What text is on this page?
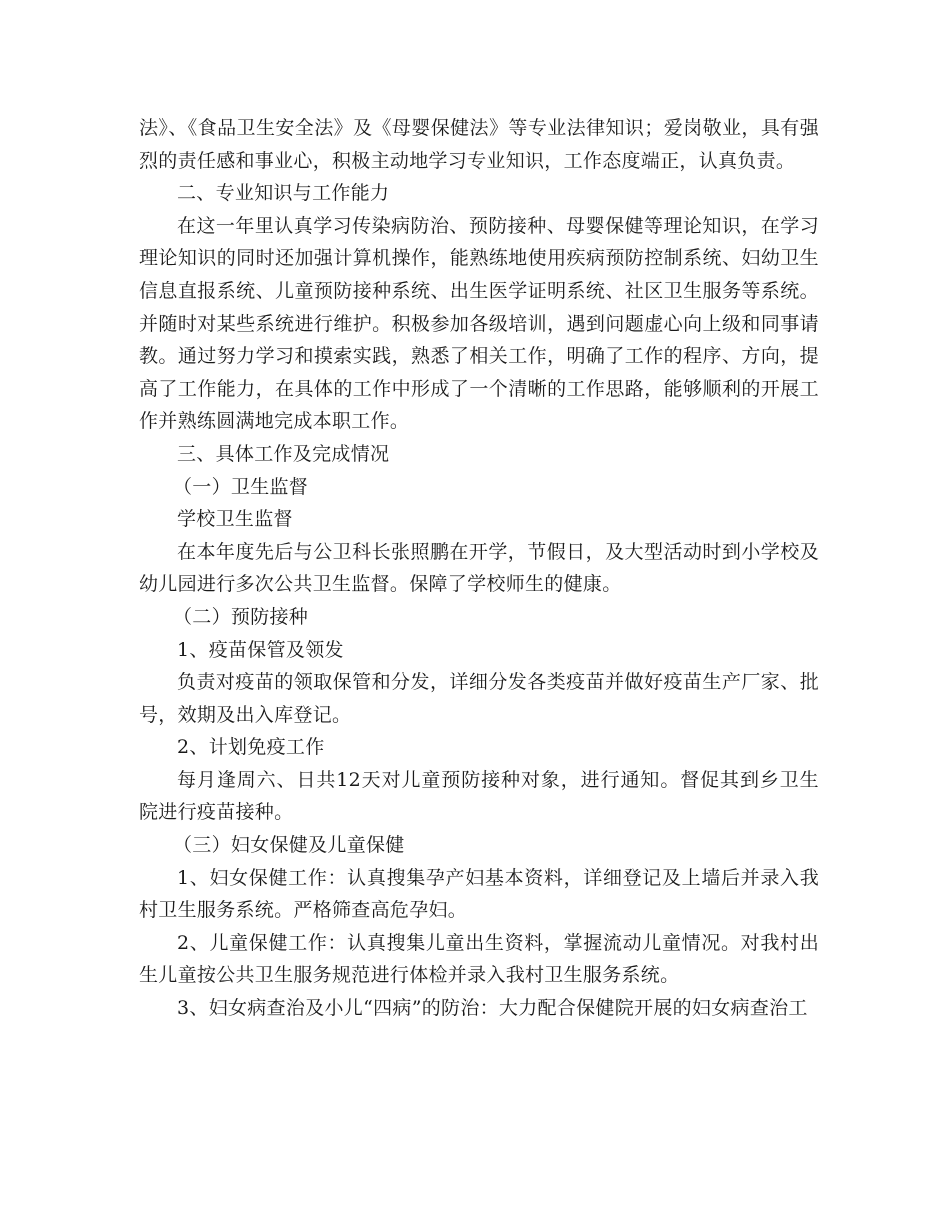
法》、《食品卫生安全法》及《母婴保健法》等专业法律知识；爱岗敬业，具有强烈的责任感和事业心，积极主动地学习专业知识，工作态度端正，认真负责。

二、专业知识与工作能力

在这一年里认真学习传染病防治、预防接种、母婴保健等理论知识，在学习理论知识的同时还加强计算机操作，能熟练地使用疾病预防控制系统、妇幼卫生信息直报系统、儿童预防接种系统、出生医学证明系统、社区卫生服务等系统。并随时对某些系统进行维护。积极参加各级培训，遇到问题虚心向上级和同事请教。通过努力学习和摸索实践，熟悉了相关工作，明确了工作的程序、方向，提高了工作能力，在具体的工作中形成了一个清晰的工作思路，能够顺利的开展工作并熟练圆满地完成本职工作。

三、具体工作及完成情况

（一）卫生监督

学校卫生监督

在本年度先后与公卫科长张照鹏在开学，节假日，及大型活动时到小学校及幼儿园进行多次公共卫生监督。保障了学校师生的健康。

（二）预防接种

1、疫苗保管及领发

负责对疫苗的领取保管和分发，详细分发各类疫苗并做好疫苗生产厂家、批号，效期及出入库登记。

2、计划免疫工作

每月逢周六、日共12天对儿童预防接种对象，进行通知。督促其到乡卫生院进行疫苗接种。

（三）妇女保健及儿童保健

1、妇女保健工作：认真搜集孕产妇基本资料，详细登记及上墙后并录入我村卫生服务系统。严格筛查高危孕妇。

2、儿童保健工作：认真搜集儿童出生资料，掌握流动儿童情况。对我村出生儿童按公共卫生服务规范进行体检并录入我村卫生服务系统。

3、妇女病查治及小儿“四病”的防治：大力配合保健院开展的妇女病查治工
